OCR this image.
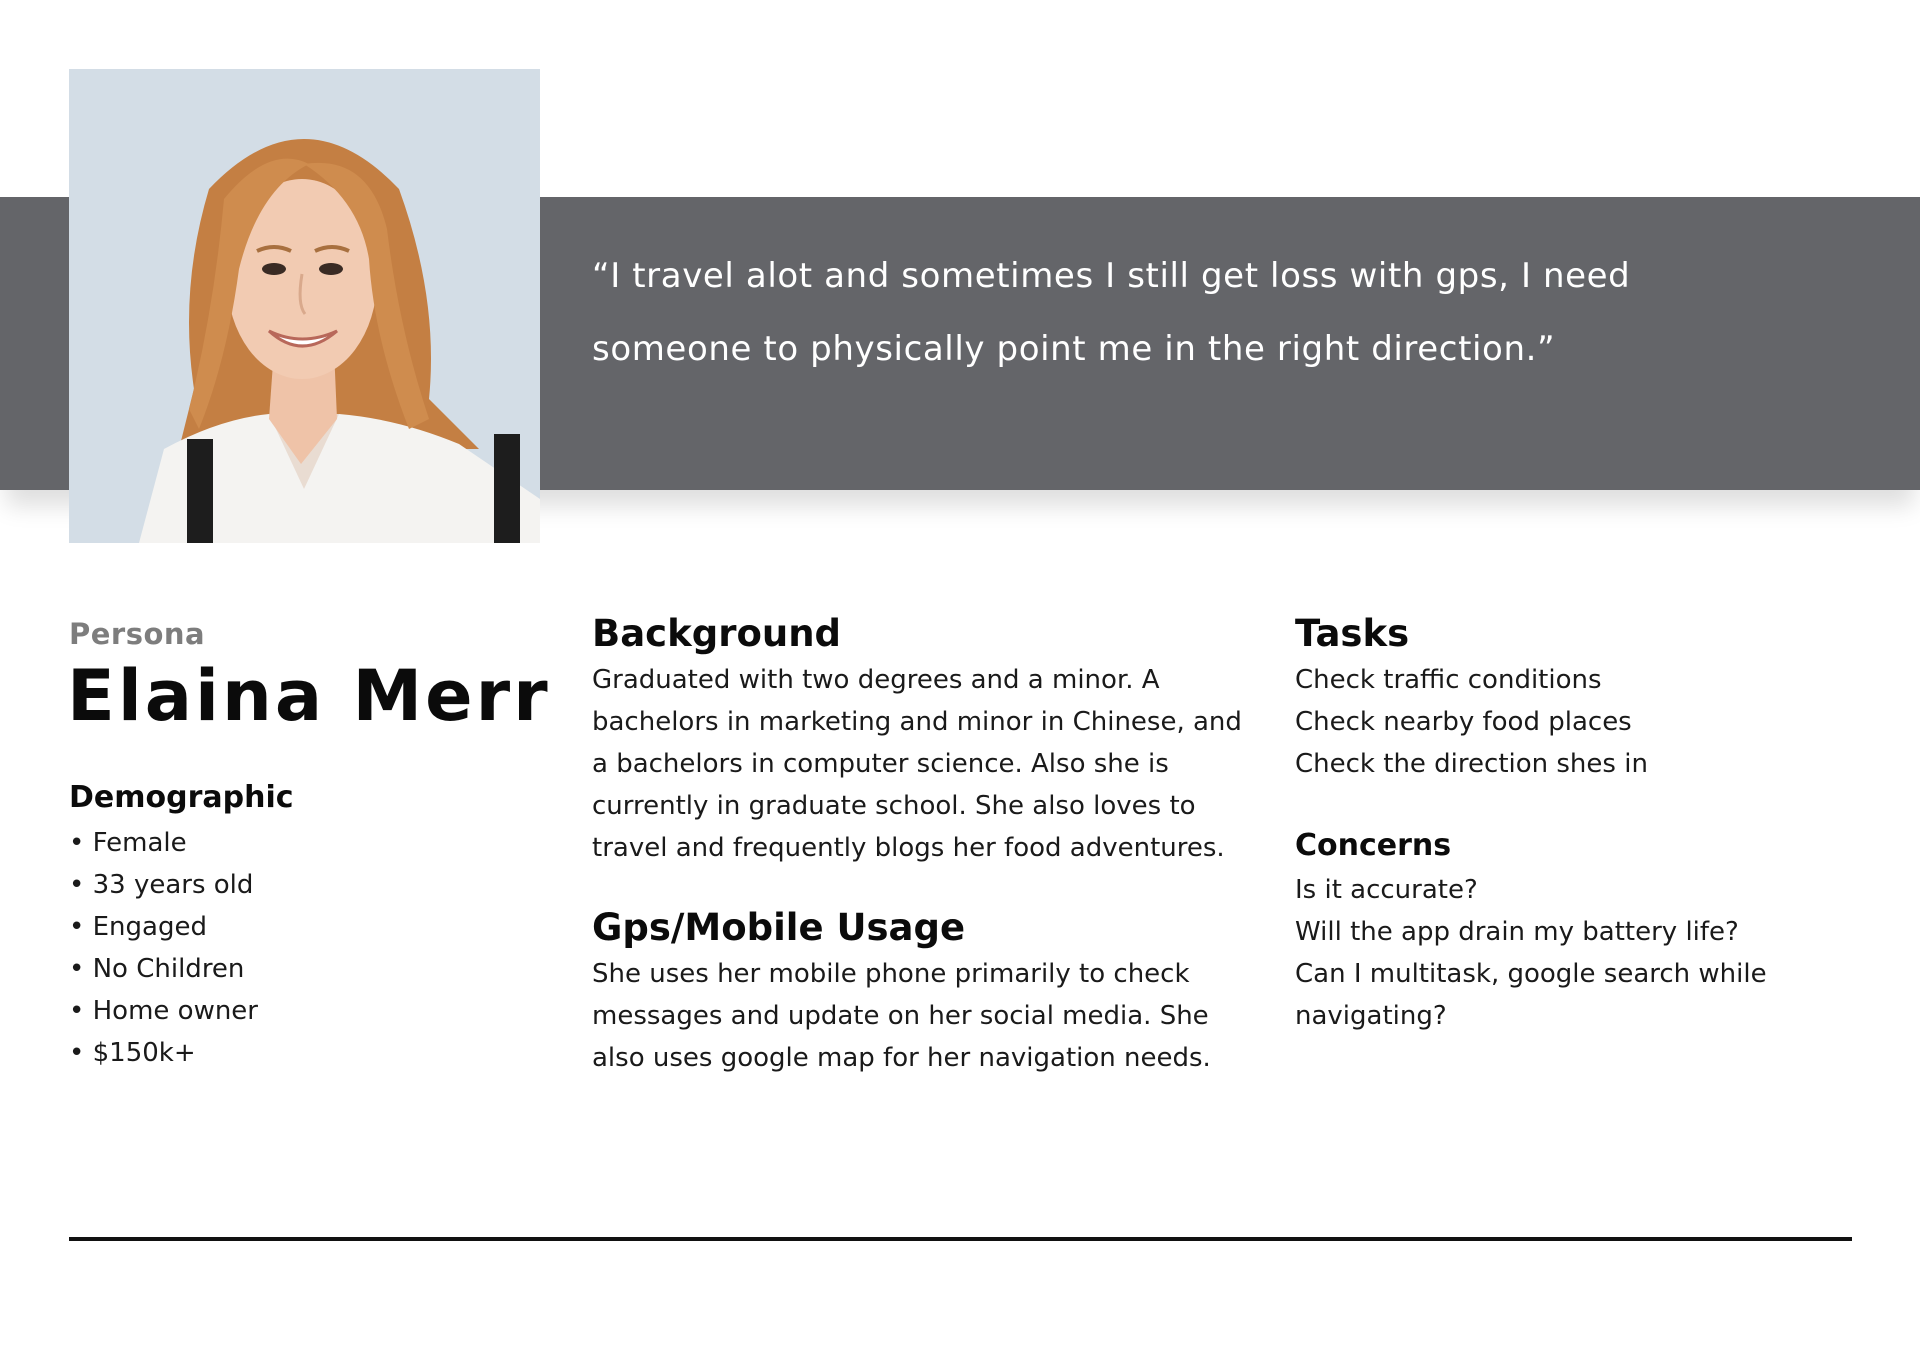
“I travel alot and sometimes I still get loss with gps, I need someone to physically point me in the right direction.”

Persona
Elaina Merr
Demographic
• Female
• 33 years old
• Engaged
• No Children
• Home owner
• $150k+
Background

Graduated with two degrees and a minor. A bachelors in marketing and minor in Chinese, and a bachelors in computer science. Also she is currently in graduate school. She also loves to travel and frequently blogs her food adventures.

Gps/Mobile Usage

She uses her mobile phone primarily to check messages and update on her social media. She also uses google map for her navigation needs.

Tasks
Check traffic conditions
Check nearby food places
Check the direction shes in
Concerns
Is it accurate?
Will the app drain my battery life?
Can I multitask, google search while navigating?
